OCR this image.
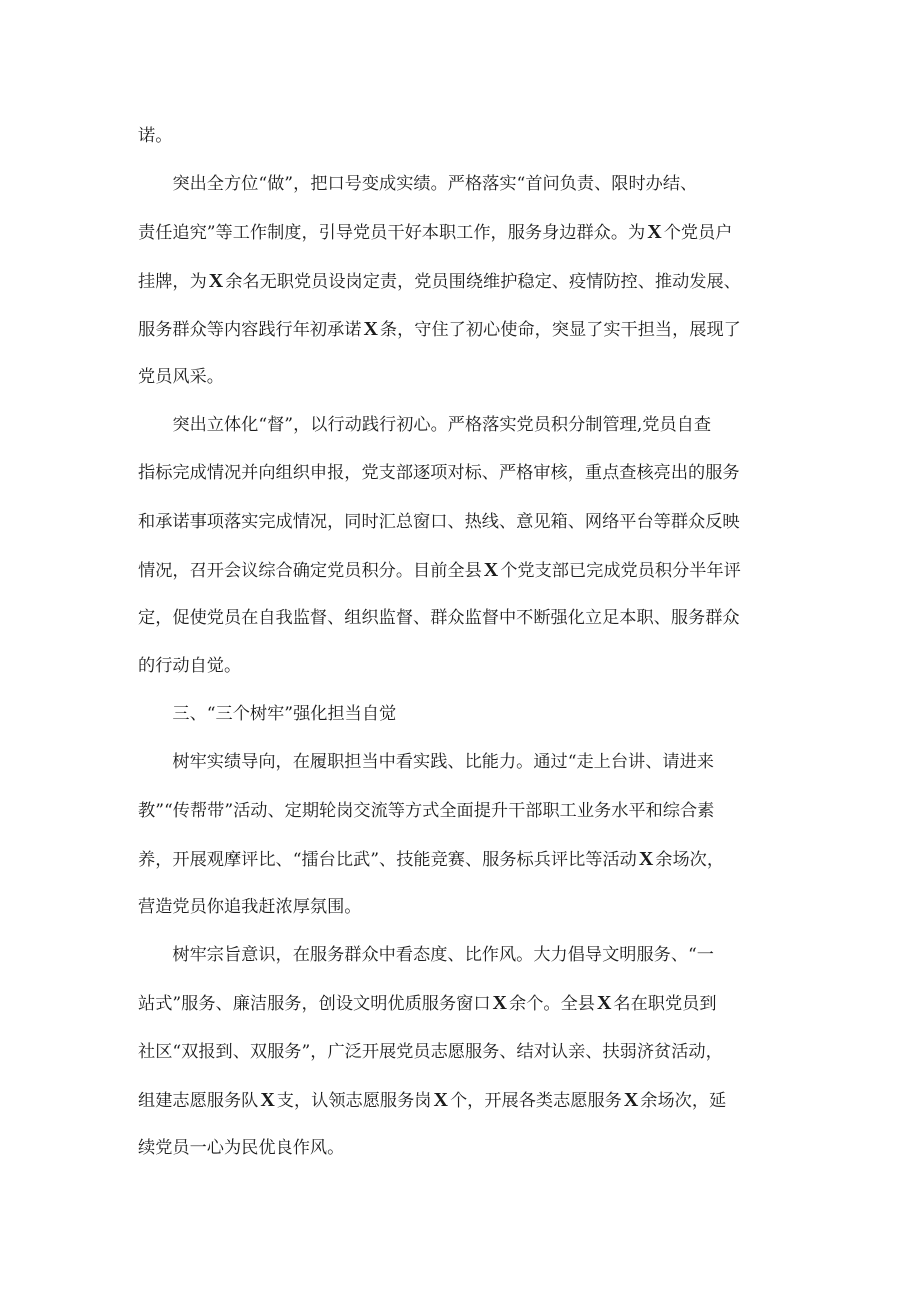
诺。
突出全方位“做”，把口号变成实绩。严格落实“首问负责、限时办结、
责任追究”等工作制度，引导党员干好本职工作，服务身边群众。为 X 个党员户
挂牌，为 X 余名无职党员设岗定责，党员围绕维护稳定、疫情防控、推动发展、
服务群众等内容践行年初承诺 X 条，守住了初心使命，突显了实干担当，展现了
党员风采。
突出立体化“督”，以行动践行初心。严格落实党员积分制管理,党员自查
指标完成情况并向组织申报，党支部逐项对标、严格审核，重点查核亮出的服务
和承诺事项落实完成情况，同时汇总窗口、热线、意见箱、网络平台等群众反映
情况，召开会议综合确定党员积分。目前全县 X 个党支部已完成党员积分半年评
定，促使党员在自我监督、组织监督、群众监督中不断强化立足本职、服务群众
的行动自觉。
三、“三个树牢”强化担当自觉
树牢实绩导向，在履职担当中看实践、比能力。通过“走上台讲、请进来
教”“传帮带”活动、定期轮岗交流等方式全面提升干部职工业务水平和综合素
养，开展观摩评比、“擂台比武”、技能竞赛、服务标兵评比等活动 X 余场次，
营造党员你追我赶浓厚氛围。
树牢宗旨意识，在服务群众中看态度、比作风。大力倡导文明服务、“一
站式”服务、廉洁服务，创设文明优质服务窗口 X 余个。全县 X 名在职党员到
社区“双报到、双服务”，广泛开展党员志愿服务、结对认亲、扶弱济贫活动，
组建志愿服务队 X 支，认领志愿服务岗 X 个，开展各类志愿服务 X 余场次，延
续党员一心为民优良作风。
